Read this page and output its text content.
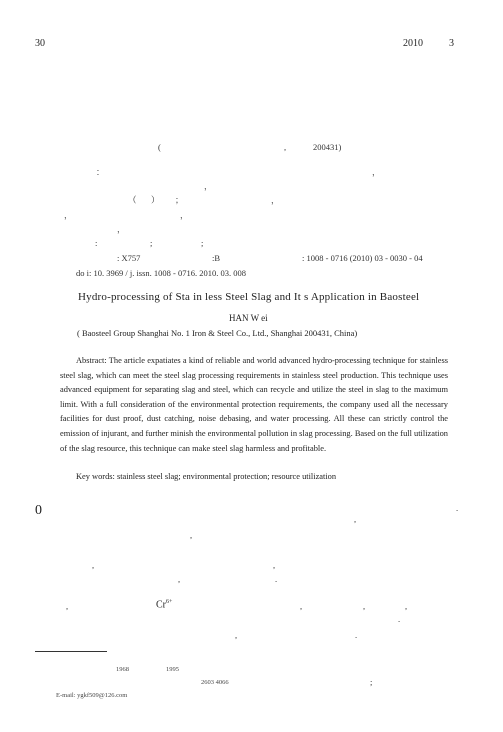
30	2010	3
(	,	200431)
：	，
，
（ ） ；	，
，	，
，
:	;	;
: X757	:B	: 1008 - 0716 (2010) 03 - 0030 - 04
do i: 10. 3969 / j. issn. 1008 - 0716. 2010. 03. 008
Hydro-processing of Sta in less Steel Slag and It s Application in Baosteel
HAN W ei
( Baosteel Group Shanghai No. 1 Iron & Steel Co., Ltd., Shanghai 200431, China)

Abstract: The article expatiates a kind of reliable and world advanced hydro-processing technique for stainless steel slag, which can meet the steel slag processing requirements in stainless steel production. This technique uses advanced equipment for separating slag and steel, which can recycle and utilize the steel in slag to the maximum limit. With a full consideration of the environmental protection requirements, the company used all the necessary facilities for dust proof, dust catching, noise debasing, and water processing. All these can strictly control the emission of injurant, and further minish the environmental pollution in slag processing. Based on the full utilization of the slag resource, this technique can make steel slag harmless and profitable.

Key words: stainless steel slag; environmental protection; resource utilization
0	.
,
,
,	,
,	.
,	$Cr^{6+}$	,	,	,
.
,	.
1968	1995
2603 4066	;
E-mail: ygkf509@126.com
